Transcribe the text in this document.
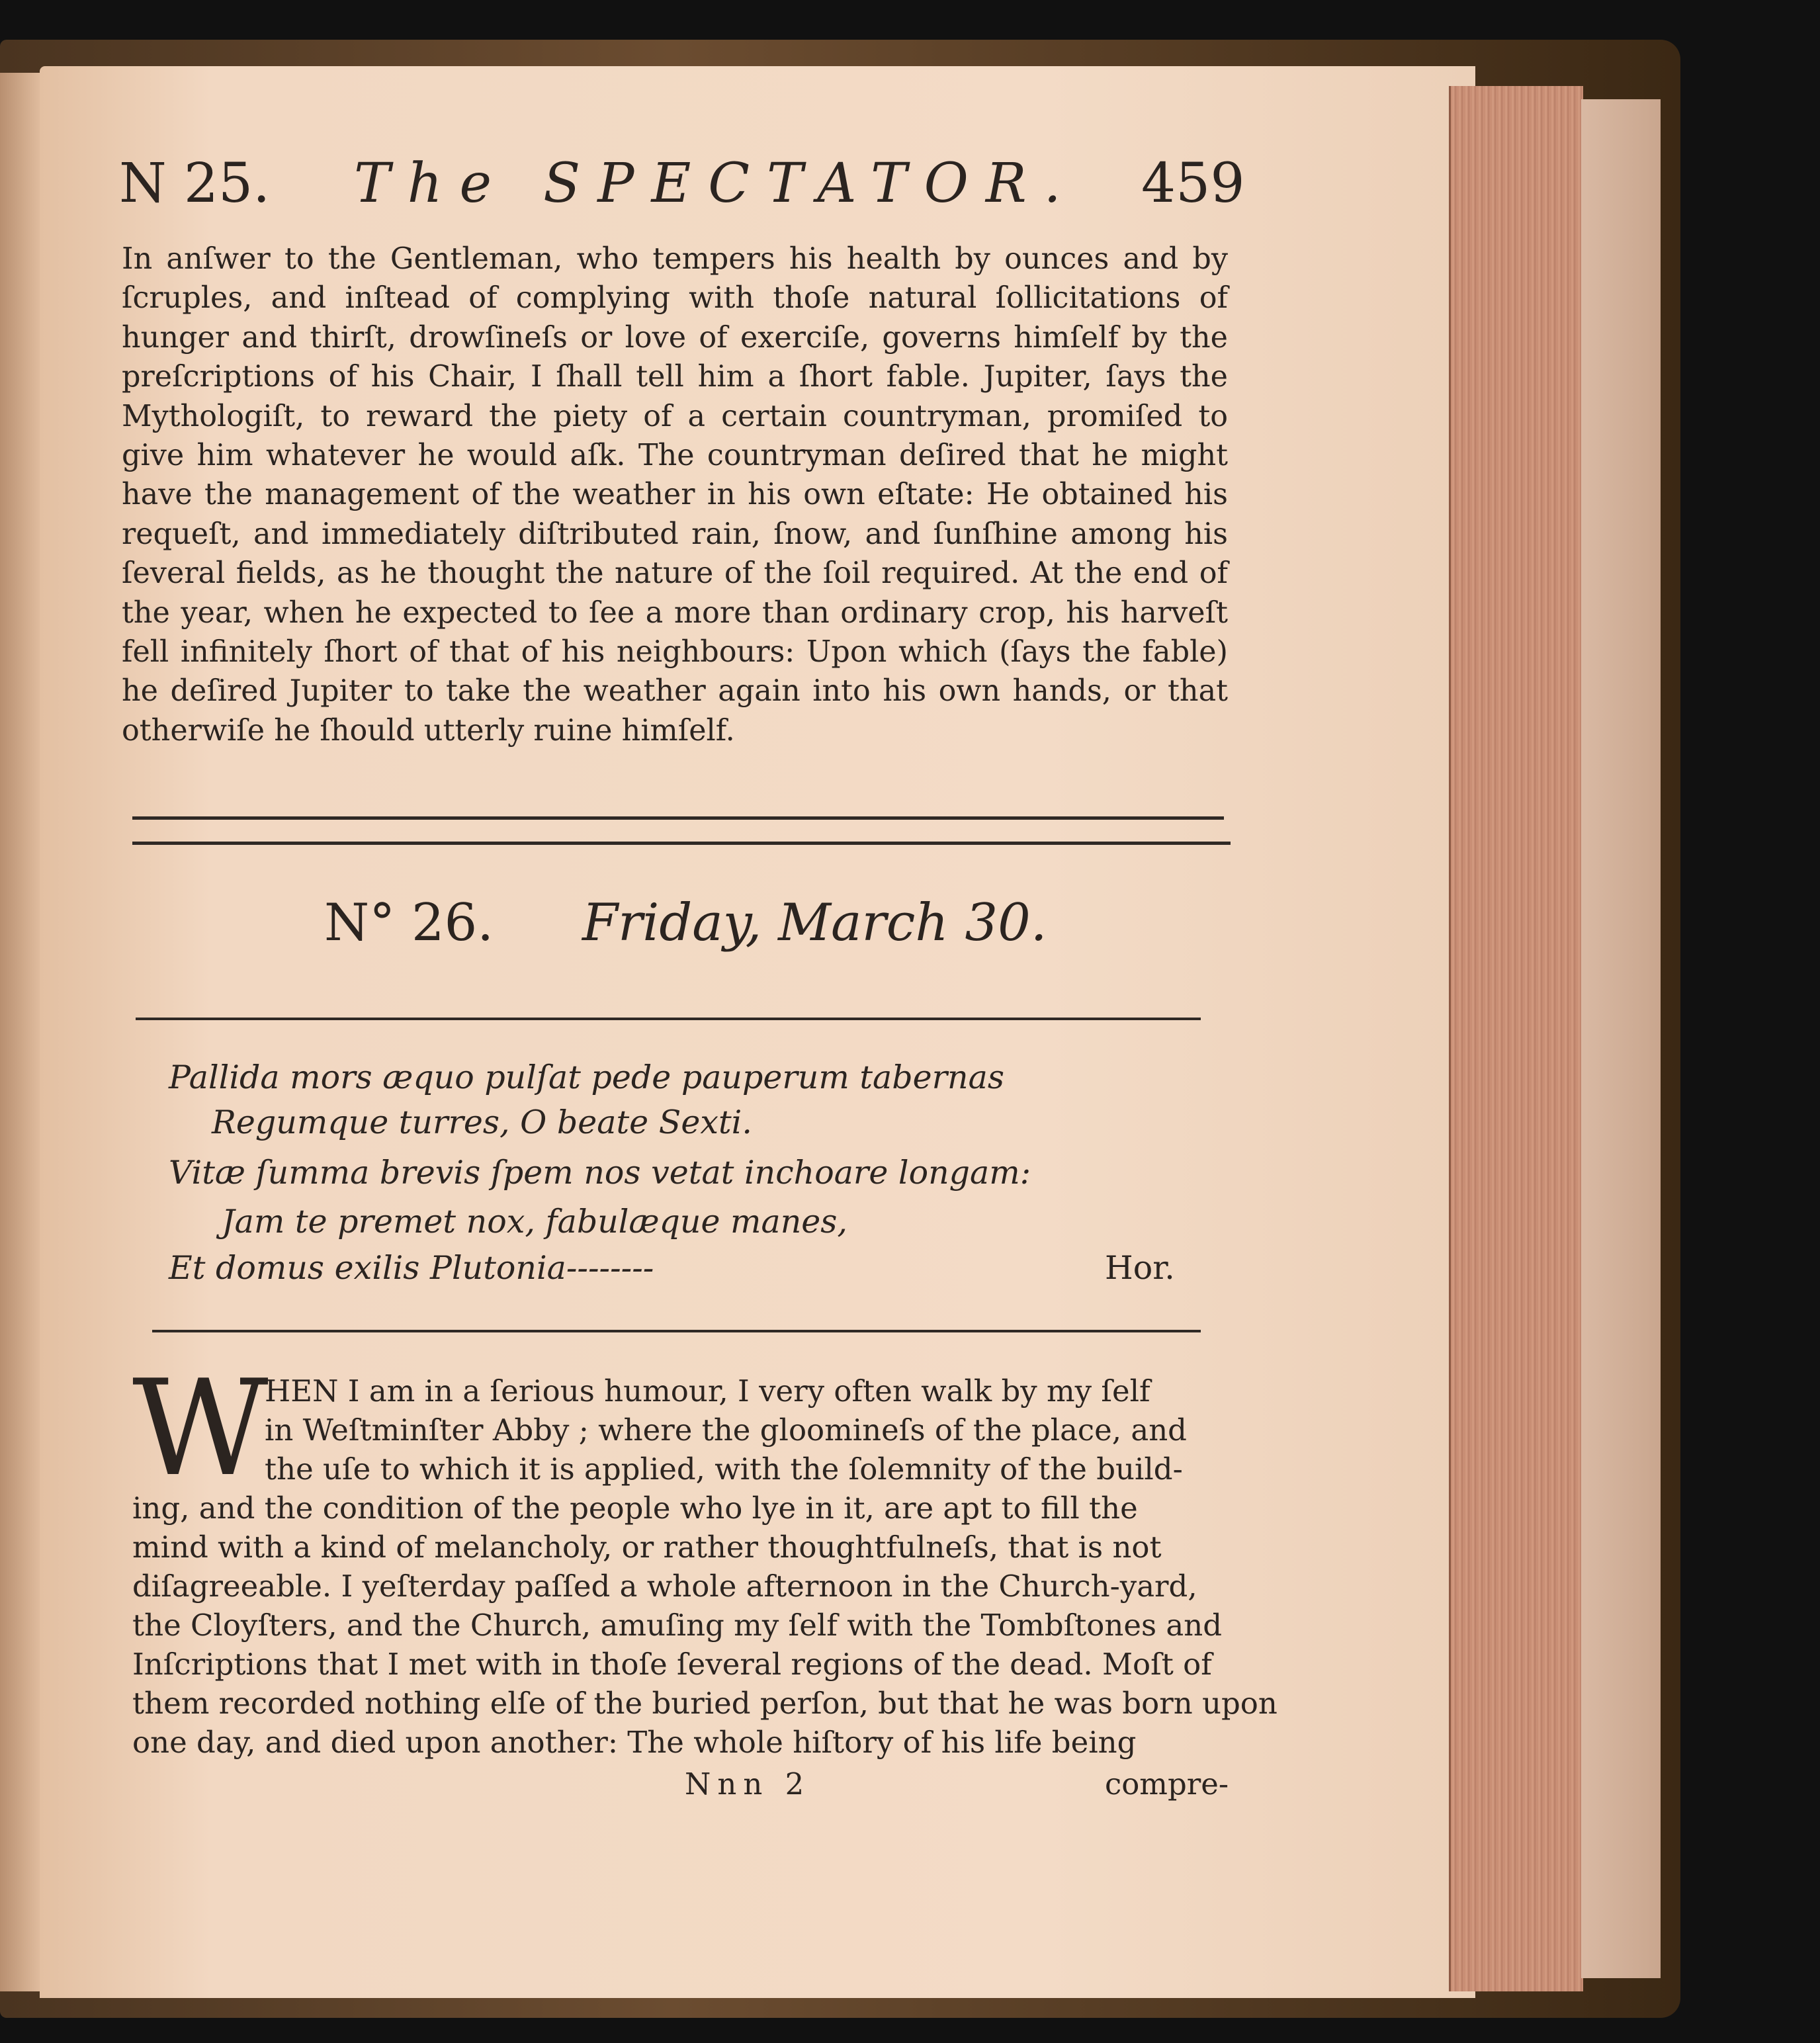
N 25. The SPECTATOR. 459
In anſwer to the Gentleman, who tempers his health by ounces and by ſcruples, and inſtead of complying with thoſe natural ſollicitations of hunger and thirſt, drowſineſs or love of exerciſe, governs himſelf by the preſcriptions of his Chair, I ſhall tell him a ſhort fable. Jupiter, ſays the Mythologiſt, to reward the piety of a certain countryman, promiſed to give him whatever he would aſk. The countryman deſired that he might have the management of the weather in his own eſtate: He obtained his requeſt, and immediately diſtributed rain, ſnow, and ſunſhine among his ſeveral fields, as he thought the nature of the ſoil required. At the end of the year, when he expected to ſee a more than ordinary crop, his harveſt fell infinitely ſhort of that of his neighbours: Upon which (ſays the fable) he deſired Jupiter to take the weather again into his own hands, or that otherwiſe he ſhould utterly ruine himſelf.
N° 26. Friday, March 30.
Pallida mors æquo pulſat pede pauperum tabernas
Regumque turres, O beate Sexti.
Vitæ ſumma brevis ſpem nos vetat inchoare longam:
Jam te premet nox, fabulæque manes,
Et domus exilis Plutonia--------	Hor.
W
HEN I am in a ſerious humour, I very often walk by my ſelf
in Weſtminſter Abby ; where the gloomineſs of the place, and
the uſe to which it is applied, with the ſolemnity of the build-
ing, and the condition of the people who lye in it, are apt to fill the
mind with a kind of melancholy, or rather thoughtfulneſs, that is not
diſagreeable. I yeſterday paſſed a whole afternoon in the Church-yard,
the Cloyſters, and the Church, amuſing my ſelf with the Tombſtones and
Inſcriptions that I met with in thoſe ſeveral regions of the dead. Moſt of
them recorded nothing elſe of the buried perſon, but that he was born upon
one day, and died upon another: The whole hiſtory of his life being
Nnn 2	compre-
